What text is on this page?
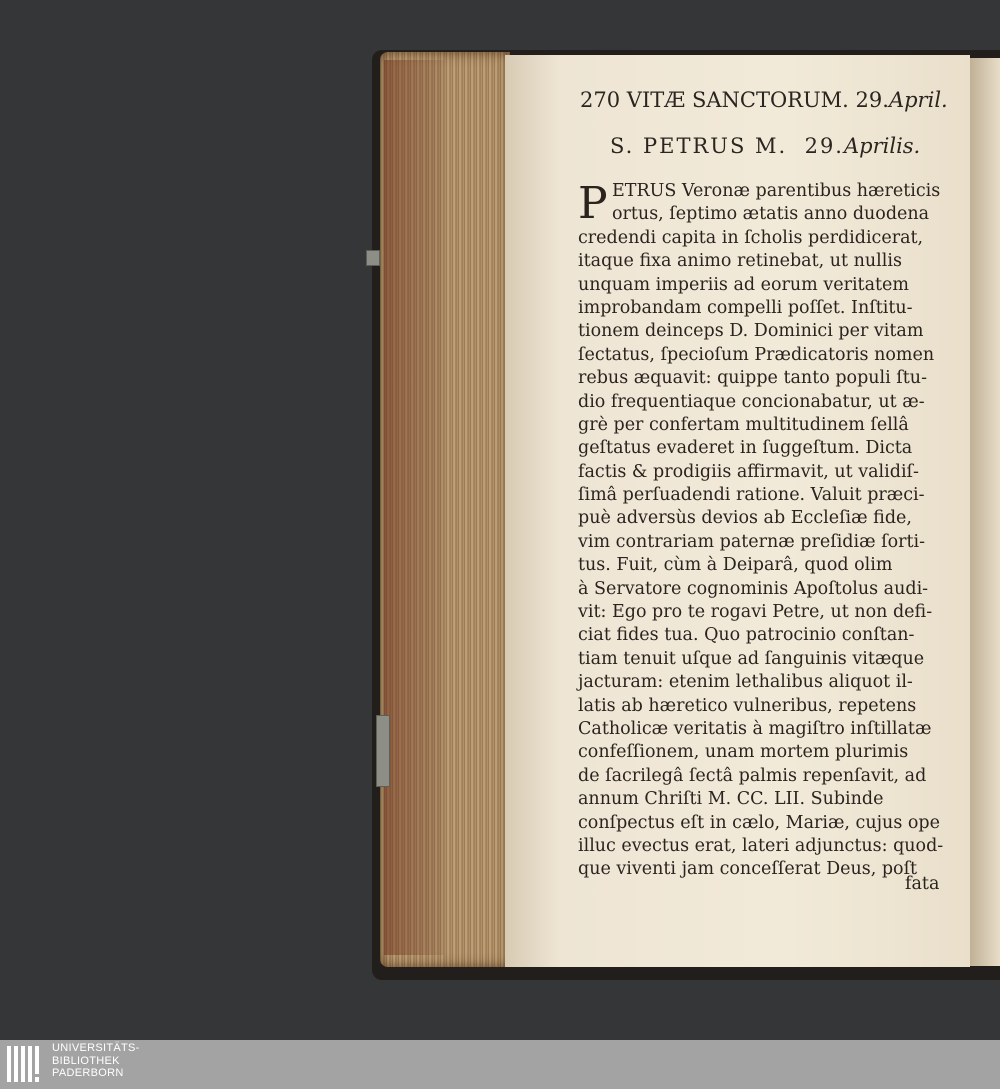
270 VITÆ SANCTORUM. 29.April.
S. PETRUS M. 29.Aprilis.
P ETRUS Veronæ parentibus hæreticis
ortus, ſeptimo ætatis anno duodena
credendi capita in ſcholis perdidicerat,
itaque fixa animo retinebat, ut nullis
unquam imperiis ad eorum veritatem
improbandam compelli poſſet. Inſtitu-
tionem deinceps D. Dominici per vitam
ſectatus, ſpecioſum Prædicatoris nomen
rebus æquavit: quippe tanto populi ſtu-
dio frequentiaque concionabatur, ut æ-
grè per confertam multitudinem ſellâ
geſtatus evaderet in ſuggeſtum. Dicta
factis & prodigiis affirmavit, ut validiſ-
ſimâ perſuadendi ratione. Valuit præci-
puè adversùs devios ab Eccleſiæ fide,
vim contrariam paternæ preſidiæ ſorti-
tus. Fuit, cùm à Deiparâ, quod olim
à Servatore cognominis Apoſtolus audi-
vit: Ego pro te rogavi Petre, ut non defi-
ciat fides tua. Quo patrocinio conſtan-
tiam tenuit uſque ad ſanguinis vitæque
jacturam: etenim lethalibus aliquot il-
latis ab hæretico vulneribus, repetens
Catholicæ veritatis à magiſtro inſtillatæ
confeſſionem, unam mortem plurimis
de ſacrilegâ ſectâ palmis repenſavit, ad
annum Chriſti M. CC. LII. Subinde
conſpectus eſt in cælo, Mariæ, cujus ope
illuc evectus erat, lateri adjunctus: quod-
que viventi jam conceſſerat Deus, poſt
fata
UNIVERSITÄTS-
BIBLIOTHEK
PADERBORN
